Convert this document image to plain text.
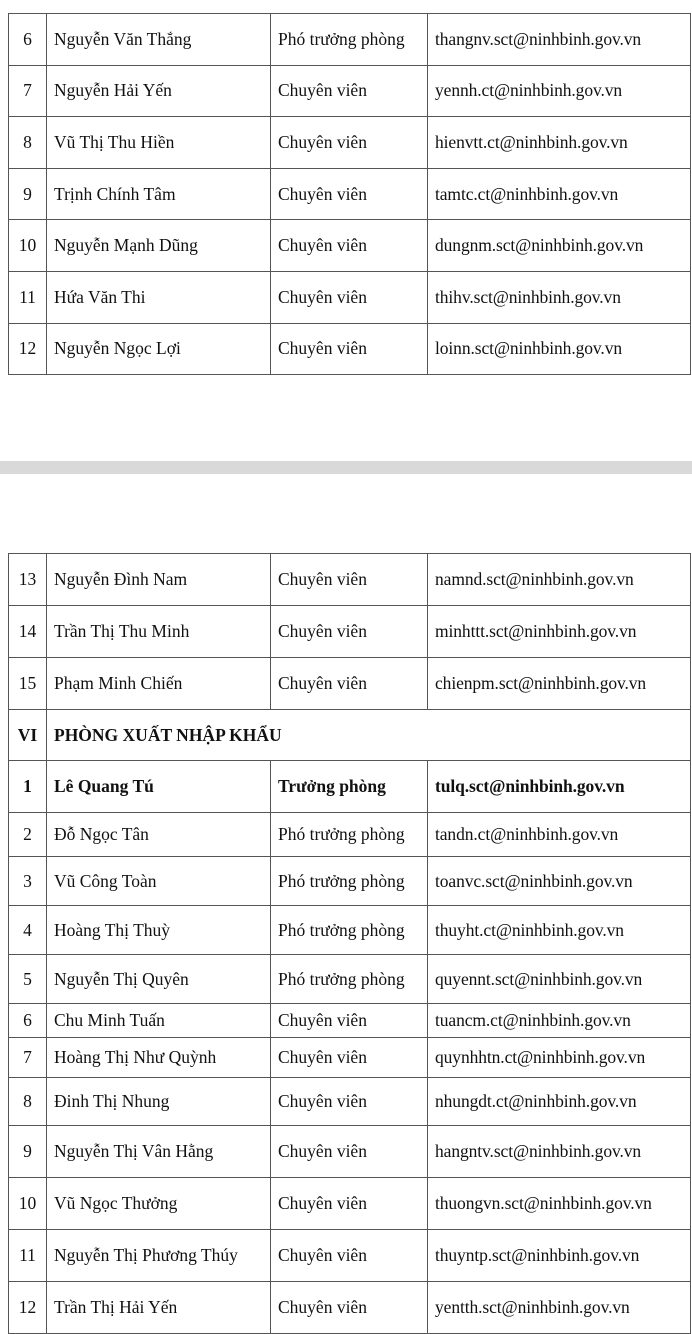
6	Nguyễn Văn Thắng	Phó trưởng phòng	thangnv.sct@ninhbinh.gov.vn
7	Nguyễn Hải Yến	Chuyên viên	yennh.ct@ninhbinh.gov.vn
8	Vũ Thị Thu Hiền	Chuyên viên	hienvtt.ct@ninhbinh.gov.vn
9	Trịnh Chính Tâm	Chuyên viên	tamtc.ct@ninhbinh.gov.vn
10	Nguyễn Mạnh Dũng	Chuyên viên	dungnm.sct@ninhbinh.gov.vn
11	Hứa Văn Thi	Chuyên viên	thihv.sct@ninhbinh.gov.vn
12	Nguyễn Ngọc Lợi	Chuyên viên	loinn.sct@ninhbinh.gov.vn
13	Nguyễn Đình Nam	Chuyên viên	namnd.sct@ninhbinh.gov.vn
14	Trần Thị Thu Minh	Chuyên viên	minhttt.sct@ninhbinh.gov.vn
15	Phạm Minh Chiến	Chuyên viên	chienpm.sct@ninhbinh.gov.vn
VI	PHÒNG XUẤT NHẬP KHẨU		
1	Lê Quang Tú	Trưởng phòng	tulq.sct@ninhbinh.gov.vn
2	Đỗ Ngọc Tân	Phó trưởng phòng	tandn.ct@ninhbinh.gov.vn
3	Vũ Công Toàn	Phó trưởng phòng	toanvc.sct@ninhbinh.gov.vn
4	Hoàng Thị Thuỳ	Phó trưởng phòng	thuyht.ct@ninhbinh.gov.vn
5	Nguyễn Thị Quyên	Phó trưởng phòng	quyennt.sct@ninhbinh.gov.vn
6	Chu Minh Tuấn	Chuyên viên	tuancm.ct@ninhbinh.gov.vn
7	Hoàng Thị Như Quỳnh	Chuyên viên	quynhhtn.ct@ninhbinh.gov.vn
8	Đinh Thị Nhung	Chuyên viên	nhungdt.ct@ninhbinh.gov.vn
9	Nguyễn Thị Vân Hằng	Chuyên viên	hangntv.sct@ninhbinh.gov.vn
10	Vũ Ngọc Thưởng	Chuyên viên	thuongvn.sct@ninhbinh.gov.vn
11	Nguyễn Thị Phương Thúy	Chuyên viên	thuyntp.sct@ninhbinh.gov.vn
12	Trần Thị Hải Yến	Chuyên viên	yentth.sct@ninhbinh.gov.vn
